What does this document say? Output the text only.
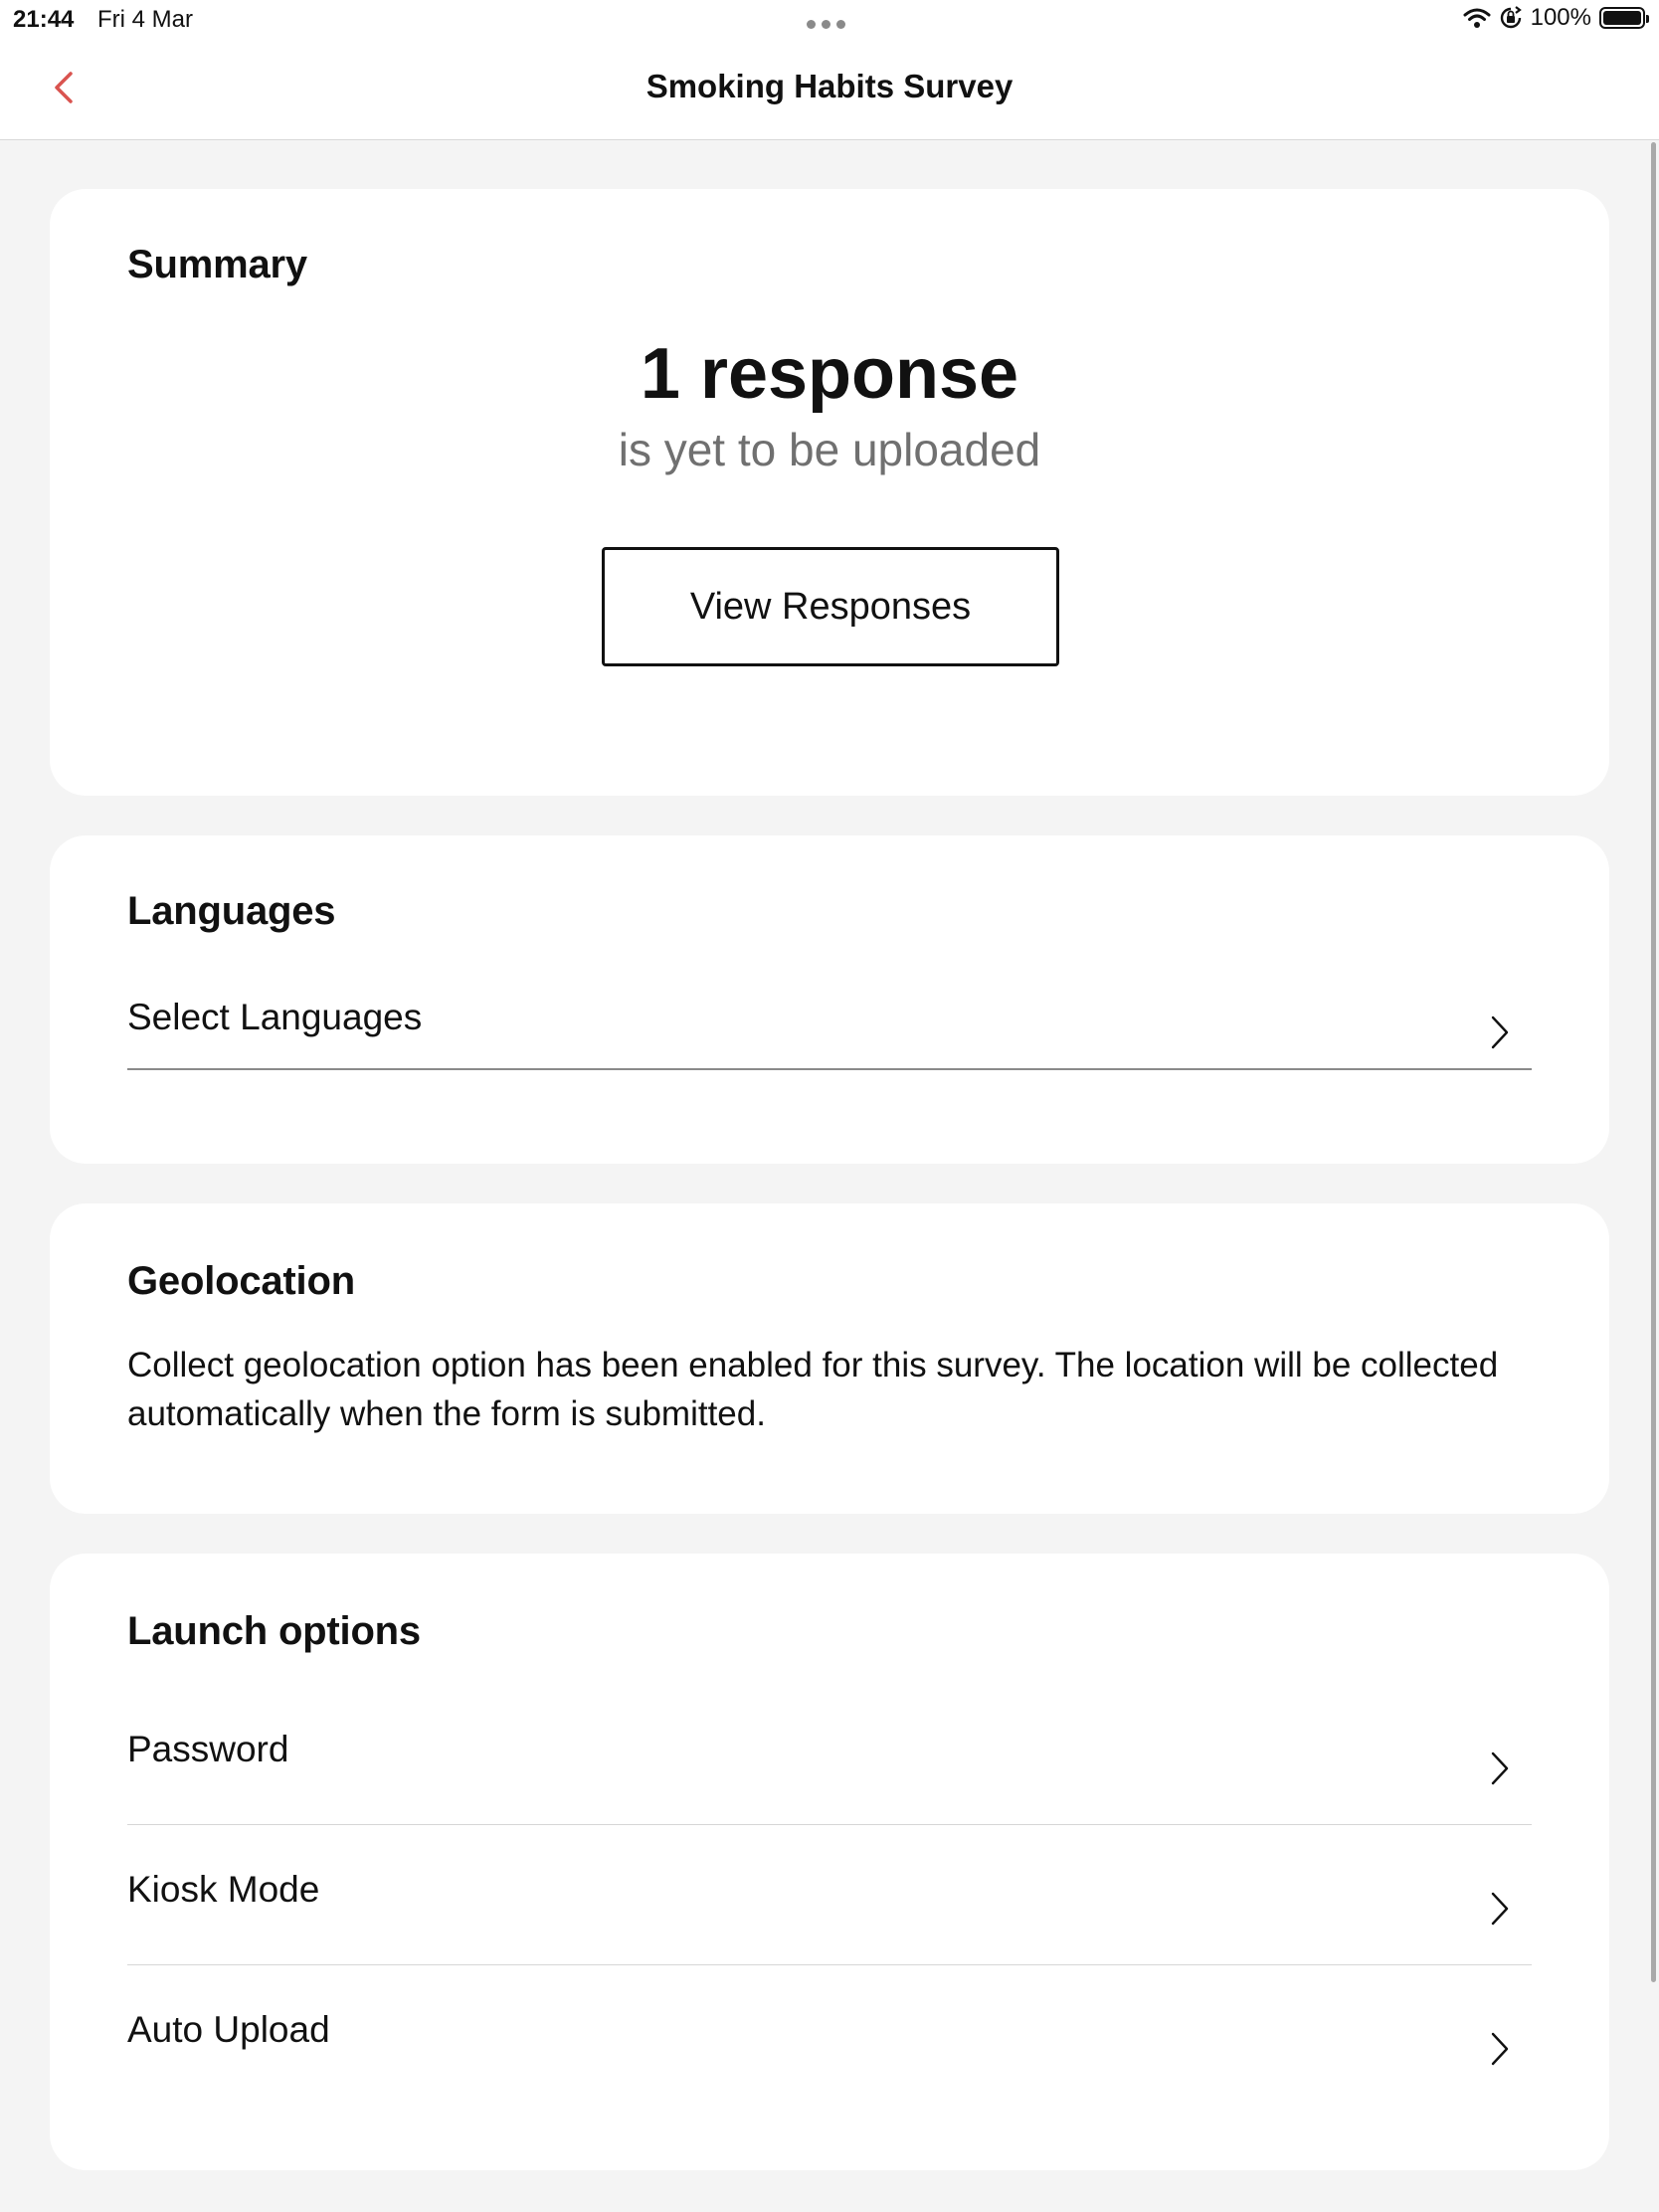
21:44 Fri 4 Mar	100%
Smoking Habits Survey
Summary
1 response
is yet to be uploaded
View Responses
Languages
Select Languages
Geolocation
Collect geolocation option has been enabled for this survey. The location will be collected automatically when the form is submitted.
Launch options
Password
Kiosk Mode
Auto Upload
